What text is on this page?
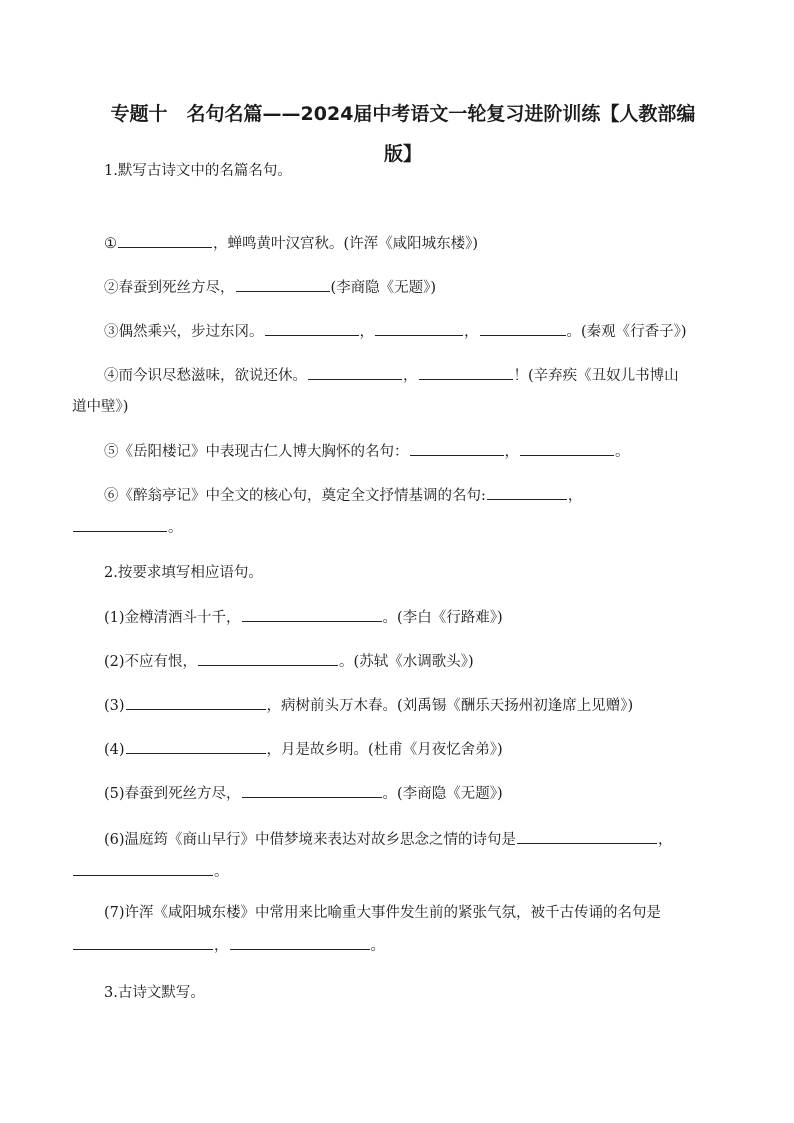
专题十　名句名篇——2024届中考语文一轮复习进阶训练【人教部编
版】
1.默写古诗文中的名篇名句。
①	，蝉鸣黄叶汉宫秋。(许浑《咸阳城东楼》)
②春蚕到死丝方尽，	(李商隐《无题》)
③偶然乘兴，步过东冈。	，	，	。(秦观《行香子》)
④而今识尽愁滋味，欲说还休。	，	！(辛弃疾《丑奴儿书博山
道中壁》)
⑤《岳阳楼记》中表现古仁人博大胸怀的名句：	，	。
⑥《醉翁亭记》中全文的核心句，奠定全文抒情基调的名句:	，
。
2.按要求填写相应语句。
(1)金樽清酒斗十千，	。(李白《行路难》)
(2)不应有恨，	。(苏轼《水调歌头》)
(3)	，病树前头万木春。(刘禹锡《酬乐天扬州初逢席上见赠》)
(4)	，月是故乡明。(杜甫《月夜忆舍弟》)
(5)春蚕到死丝方尽，	。(李商隐《无题》)
(6)温庭筠《商山早行》中借梦境来表达对故乡思念之情的诗句是	，
。
(7)许浑《咸阳城东楼》中常用来比喻重大事件发生前的紧张气氛，被千古传诵的名句是
，	。
3.古诗文默写。
